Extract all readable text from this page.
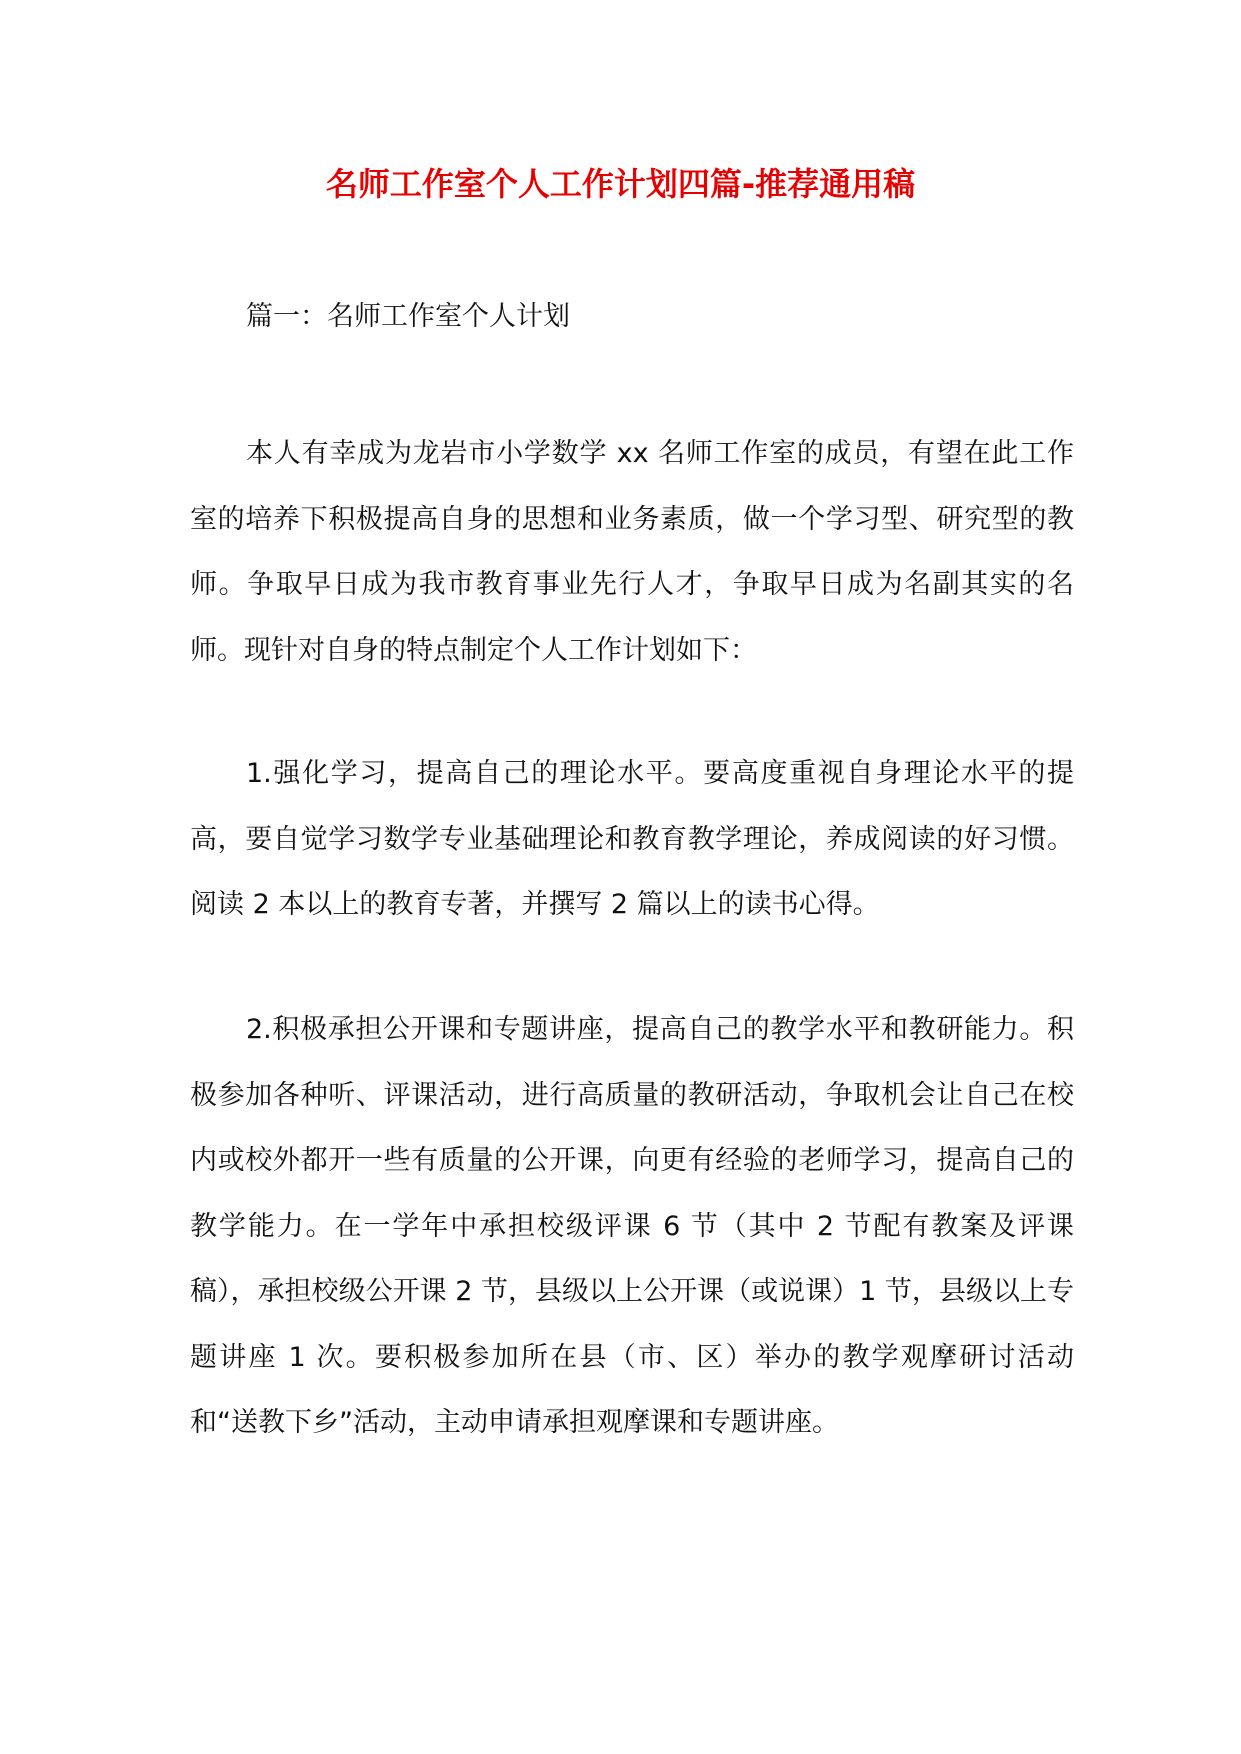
名师工作室个人工作计划四篇-推荐通用稿
篇一：名师工作室个人计划
本人有幸成为龙岩市小学数学 xx 名师工作室的成员，有望在此工作室的培养下积极提高自身的思想和业务素质，做一个学习型、研究型的教师。争取早日成为我市教育事业先行人才，争取早日成为名副其实的名师。现针对自身的特点制定个人工作计划如下：
1.强化学习，提高自己的理论水平。要高度重视自身理论水平的提高，要自觉学习数学专业基础理论和教育教学理论，养成阅读的好习惯。阅读 2 本以上的教育专著，并撰写 2 篇以上的读书心得。
2.积极承担公开课和专题讲座，提高自己的教学水平和教研能力。积极参加各种听、评课活动，进行高质量的教研活动，争取机会让自己在校内或校外都开一些有质量的公开课，向更有经验的老师学习，提高自己的教学能力。在一学年中承担校级评课 6 节（其中 2 节配有教案及评课稿），承担校级公开课 2 节，县级以上公开课（或说课）1 节，县级以上专题讲座 1 次。要积极参加所在县（市、区）举办的教学观摩研讨活动和“送教下乡”活动，主动申请承担观摩课和专题讲座。
